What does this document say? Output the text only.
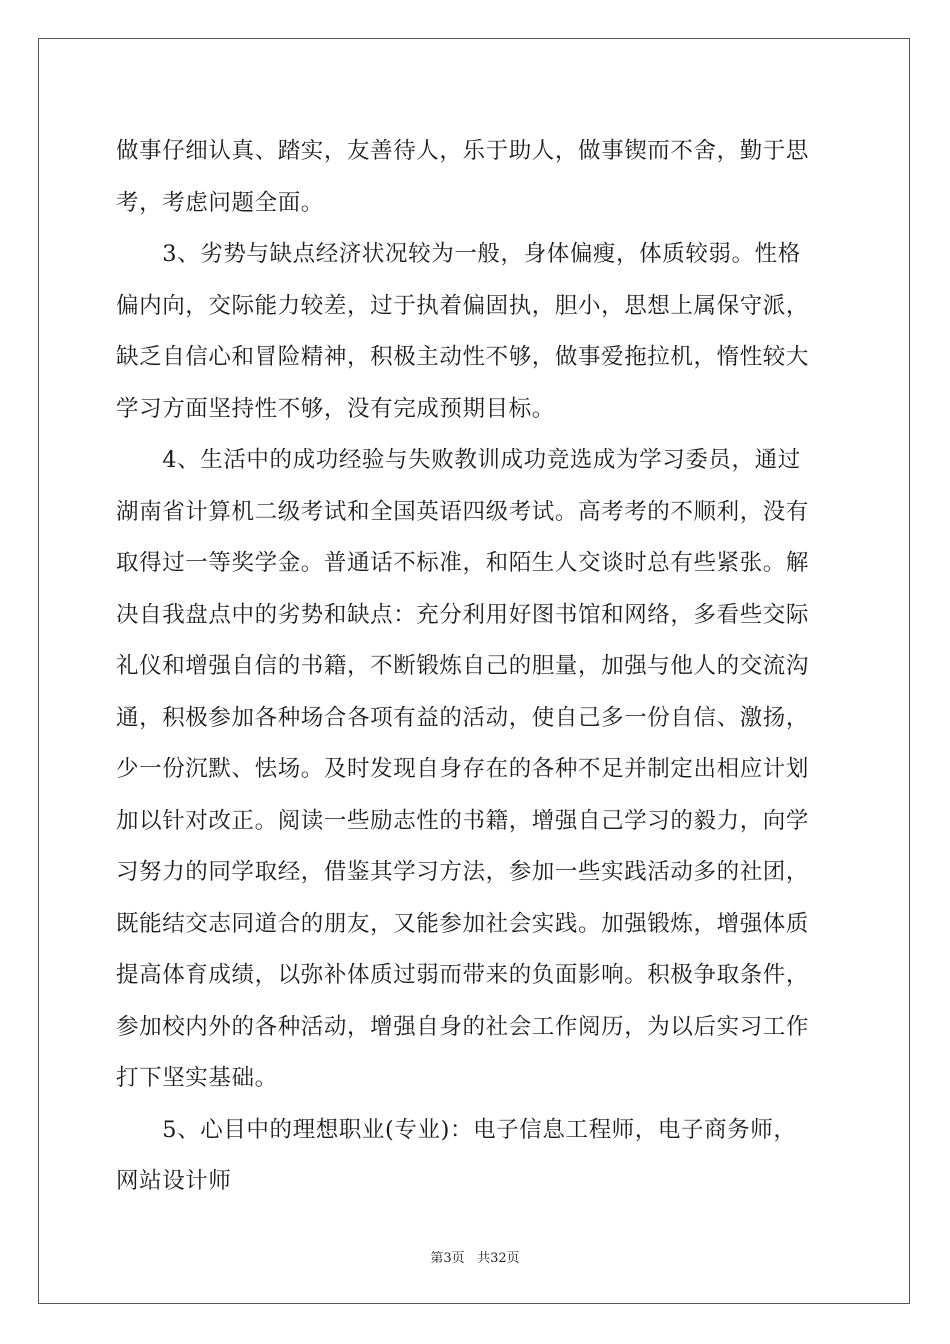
做事仔细认真、踏实，友善待人，乐于助人，做事锲而不舍，勤于思
考，考虑问题全面。
　　3、劣势与缺点经济状况较为一般，身体偏瘦，体质较弱。性格
偏内向，交际能力较差，过于执着偏固执，胆小，思想上属保守派，
缺乏自信心和冒险精神，积极主动性不够，做事爱拖拉机，惰性较大
学习方面坚持性不够，没有完成预期目标。
　　4、生活中的成功经验与失败教训成功竞选成为学习委员，通过
湖南省计算机二级考试和全国英语四级考试。高考考的不顺利，没有
取得过一等奖学金。普通话不标准，和陌生人交谈时总有些紧张。解
决自我盘点中的劣势和缺点：充分利用好图书馆和网络，多看些交际
礼仪和增强自信的书籍，不断锻炼自己的胆量，加强与他人的交流沟
通，积极参加各种场合各项有益的活动，使自己多一份自信、激扬，
少一份沉默、怯场。及时发现自身存在的各种不足并制定出相应计划
加以针对改正。阅读一些励志性的书籍，增强自己学习的毅力，向学
习努力的同学取经，借鉴其学习方法，参加一些实践活动多的社团，
既能结交志同道合的朋友，又能参加社会实践。加强锻炼，增强体质
提高体育成绩，以弥补体质过弱而带来的负面影响。积极争取条件，
参加校内外的各种活动，增强自身的社会工作阅历，为以后实习工作
打下坚实基础。
　　5、心目中的理想职业(专业)：电子信息工程师，电子商务师，
网站设计师
第3页 共32页
